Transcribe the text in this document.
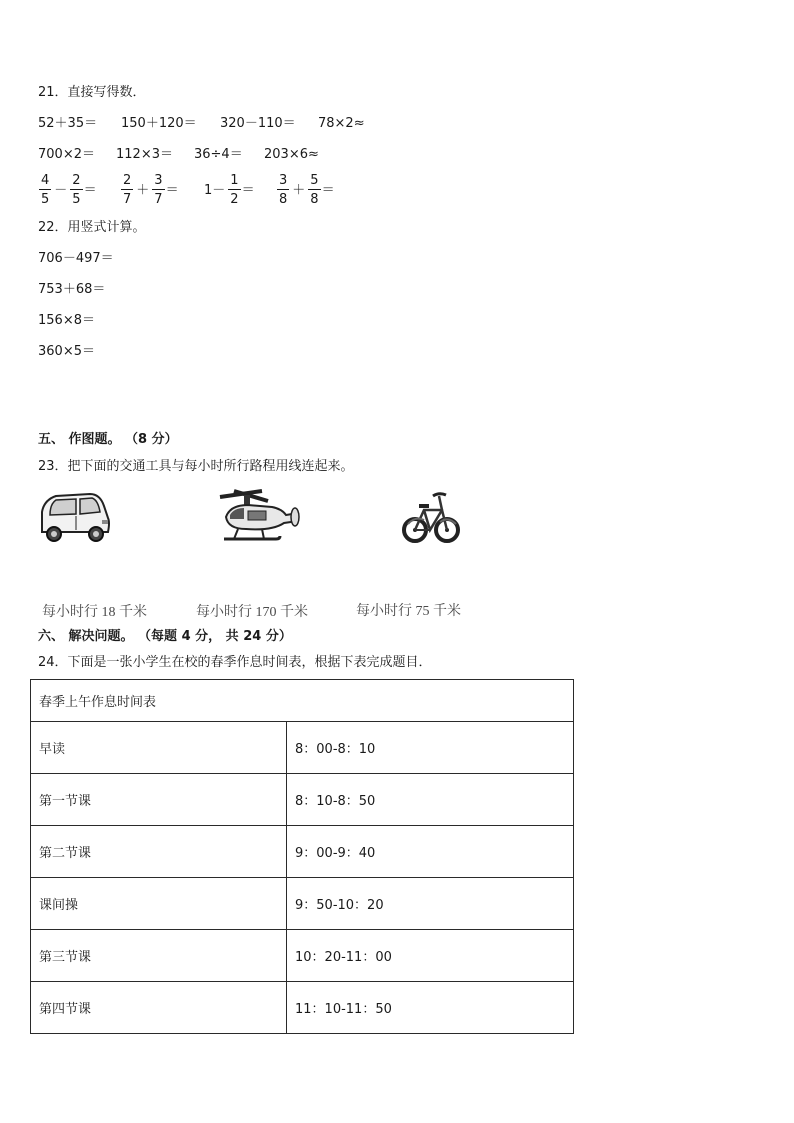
21．直接写得数．
52＋35＝ 150＋120＝ 320－110＝ 78×2≈
700×2＝ 112×3＝ 36÷4＝ 203×6≈
$\frac{4}{5} - \frac{2}{5} = \frac{2}{7} + \frac{3}{7} = 1- \frac{1}{2} = \frac{3}{8} + \frac{5}{8}$ ＝
22．用竖式计算。
706－497＝
753＋68＝
156×8＝
360×5＝
五、 作图题。 （8 分）
23．把下面的交通工具与每小时所行路程用线连起来。
每小时行 18 千米	每小时行 170 千米	每小时行 75 千米
六、 解决问题。 （每题 4 分， 共 24 分）
24．下面是一张小学生在校的春季作息时间表，根据下表完成题目．
春季上午作息时间表	
早读	8：00-8：10
第一节课	8：10-8：50
第二节课	9：00-9：40
课间操	9：50-10：20
第三节课	10：20-11：00
第四节课	11：10-11：50
